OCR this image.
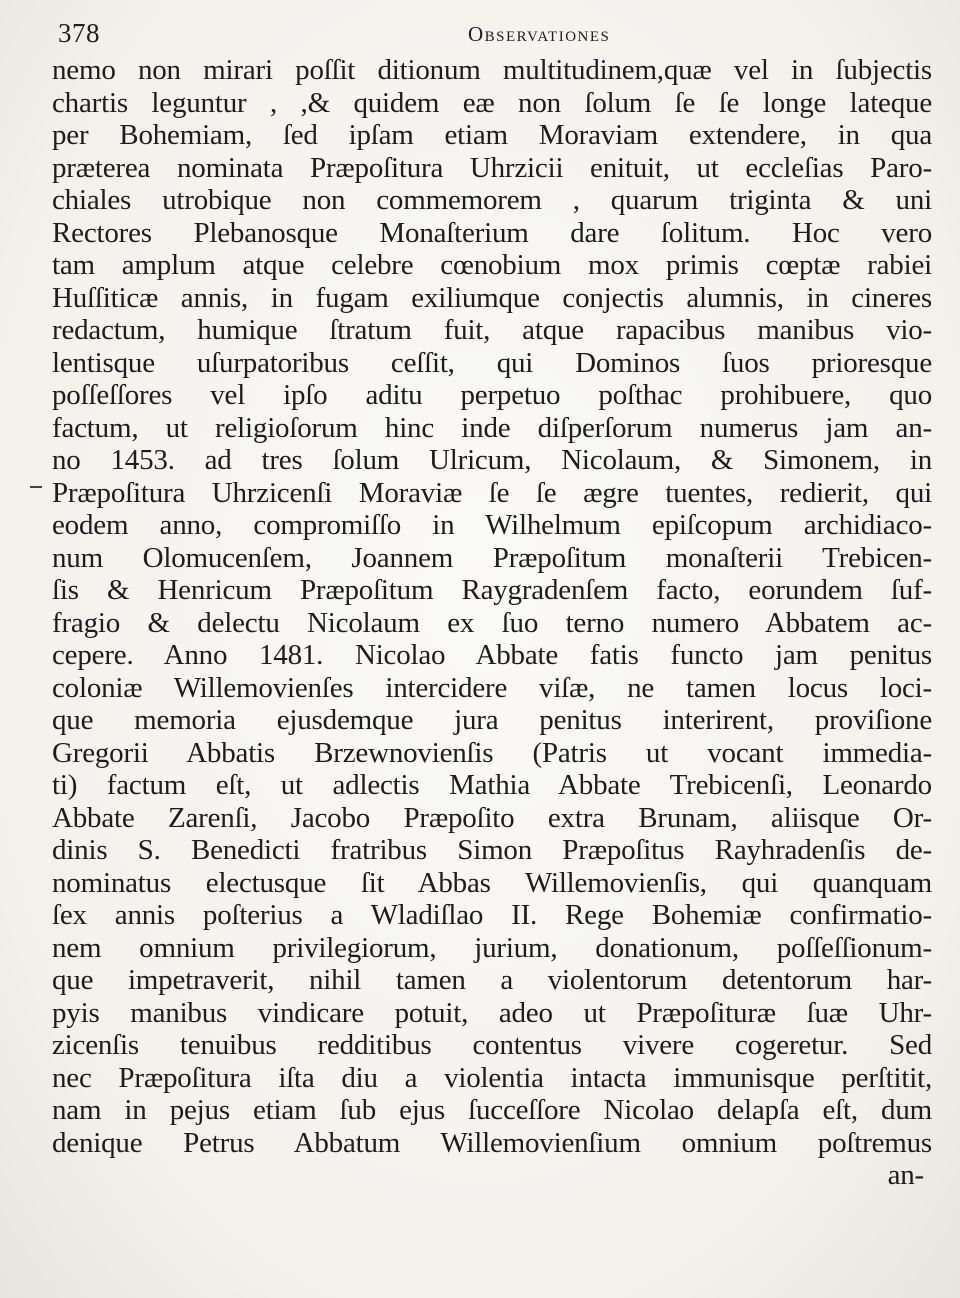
378	Observationes
nemo non mirari poſſit ditionum multitudinem,quæ vel in ſubjectis
chartis leguntur , ,& quidem eæ non ſolum ſe ſe longe lateque
per Bohemiam, ſed ipſam etiam Moraviam extendere, in qua
præterea nominata Præpoſitura Uhrzicii enituit, ut eccleſias Paro-
chiales utrobique non commemorem , quarum triginta & uni
Rectores Plebanosque Monaſterium dare ſolitum. Hoc vero
tam amplum atque celebre cœnobium mox primis cœptæ rabiei
Huſſiticæ annis, in fugam exiliumque conjectis alumnis, in cineres
redactum, humique ſtratum fuit, atque rapacibus manibus vio-
lentisque uſurpatoribus ceſſit, qui Dominos ſuos prioresque
poſſeſſores vel ipſo aditu perpetuo poſthac prohibuere, quo
factum, ut religioſorum hinc inde diſperſorum numerus jam an-
no 1453. ad tres ſolum Ulricum, Nicolaum, & Simonem, in
Præpoſitura Uhrzicenſi Moraviæ ſe ſe ægre tuentes, redierit, qui
eodem anno, compromiſſo in Wilhelmum epiſcopum archidiaco-
num Olomucenſem, Joannem Præpoſitum monaſterii Trebicen-
ſis & Henricum Præpoſitum Raygradenſem facto, eorundem ſuf-
fragio & delectu Nicolaum ex ſuo terno numero Abbatem ac-
cepere. Anno 1481. Nicolao Abbate fatis functo jam penitus
coloniæ Willemovienſes intercidere viſæ, ne tamen locus loci-
que memoria ejusdemque jura penitus interirent, proviſione
Gregorii Abbatis Brzewnovienſis (Patris ut vocant immedia-
ti) factum eſt, ut adlectis Mathia Abbate Trebicenſi, Leonardo
Abbate Zarenſi, Jacobo Præpoſito extra Brunam, aliisque Or-
dinis S. Benedicti fratribus Simon Præpoſitus Rayhradenſis de-
nominatus electusque ſit Abbas Willemovienſis, qui quanquam
ſex annis poſterius a Wladiſlao II. Rege Bohemiæ confirmatio-
nem omnium privilegiorum, jurium, donationum, poſſeſſionum-
que impetraverit, nihil tamen a violentorum detentorum har-
pyis manibus vindicare potuit, adeo ut Præpoſituræ ſuæ Uhr-
zicenſis tenuibus redditibus contentus vivere cogeretur. Sed
nec Præpoſitura iſta diu a violentia intacta immunisque perſtitit,
nam in pejus etiam ſub ejus ſucceſſore Nicolao delapſa eſt, dum
denique Petrus Abbatum Willemovienſium omnium poſtremus
an-
